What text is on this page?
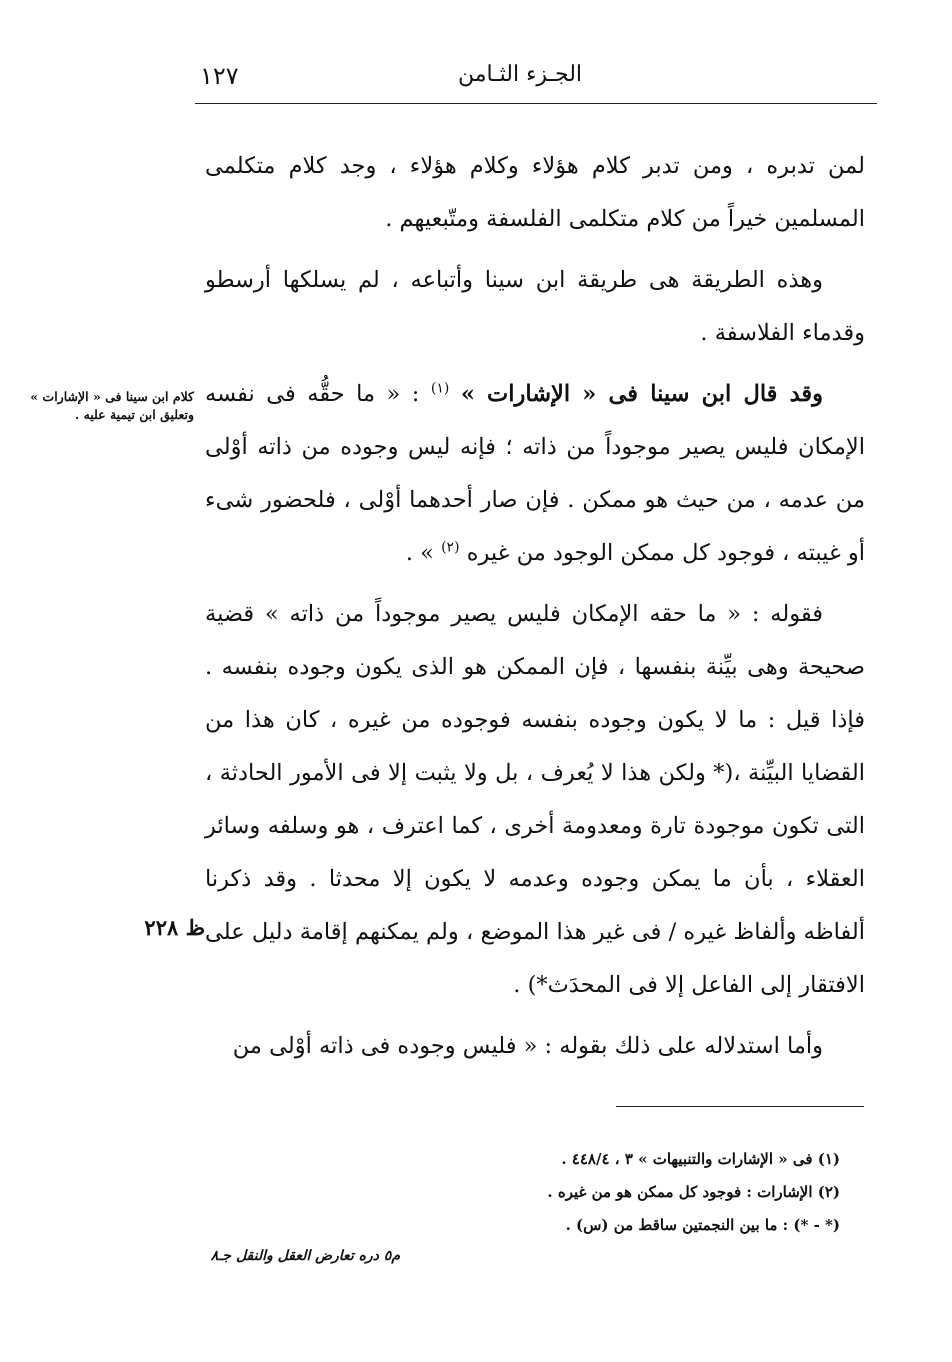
الجـزء الثـامن
١٢٧

لمن تدبره ، ومن تدبر كلام هؤلاء وكلام هؤلاء ، وجد كلام متكلمى المسلمين خيراً من كلام متكلمى الفلسفة ومتّبعيهم .

وهذه الطريقة هى طريقة ابن سينا وأتباعه ، لم يسلكها أرسطو وقدماء الفلاسفة .

وقد قال ابن سينا فى « الإشارات » $^{(١)}$ : « ما حقُّه فى نفسه الإمكان فليس يصير موجوداً من ذاته ؛ فإنه ليس وجوده من ذاته أوْلى من عدمه ، من حيث هو ممكن . فإن صار أحدهما أوْلى ، فلحضور شىء أو غيبته ، فوجود كل ممكن الوجود من غيره $^{(٢)}$ » .

فقوله : « ما حقه الإمكان فليس يصير موجوداً من ذاته » قضية صحيحة وهى بيِّنة بنفسها ، فإن الممكن هو الذى يكون وجوده بنفسه . فإذا قيل : ما لا يكون وجوده بنفسه فوجوده من غيره ، كان هذا من القضايا البيِّنة ،(* ولكن هذا لا يُعرف ، بل ولا يثبت إلا فى الأمور الحادثة ، التى تكون موجودة تارة ومعدومة أخرى ، كما اعترف ، هو وسلفه وسائر العقلاء ، بأن ما يمكن وجوده وعدمه لا يكون إلا محدثا . وقد ذكرنا ألفاظه وألفاظ غيره / فى غير هذا الموضع ، ولم يمكنهم إقامة دليل على الافتقار إلى الفاعل إلا فى المحدَث*) .

وأما استدلاله على ذلك بقوله : « فليس وجوده فى ذاته أوْلى من

كلام ابن سينا فى « الإشارات » وتعليق ابن تيمية عليه .
ظ ٢٢٨
(١) فى « الإشارات والتنبيهات » ٣ ، ٤٤٨/٤ .
(٢) الإشارات : فوجود كل ممكن هو من غيره .
(* - *) : ما بين النجمتين ساقط من (س) .
م٥ دره تعارض العقل والنقل جـ٨
